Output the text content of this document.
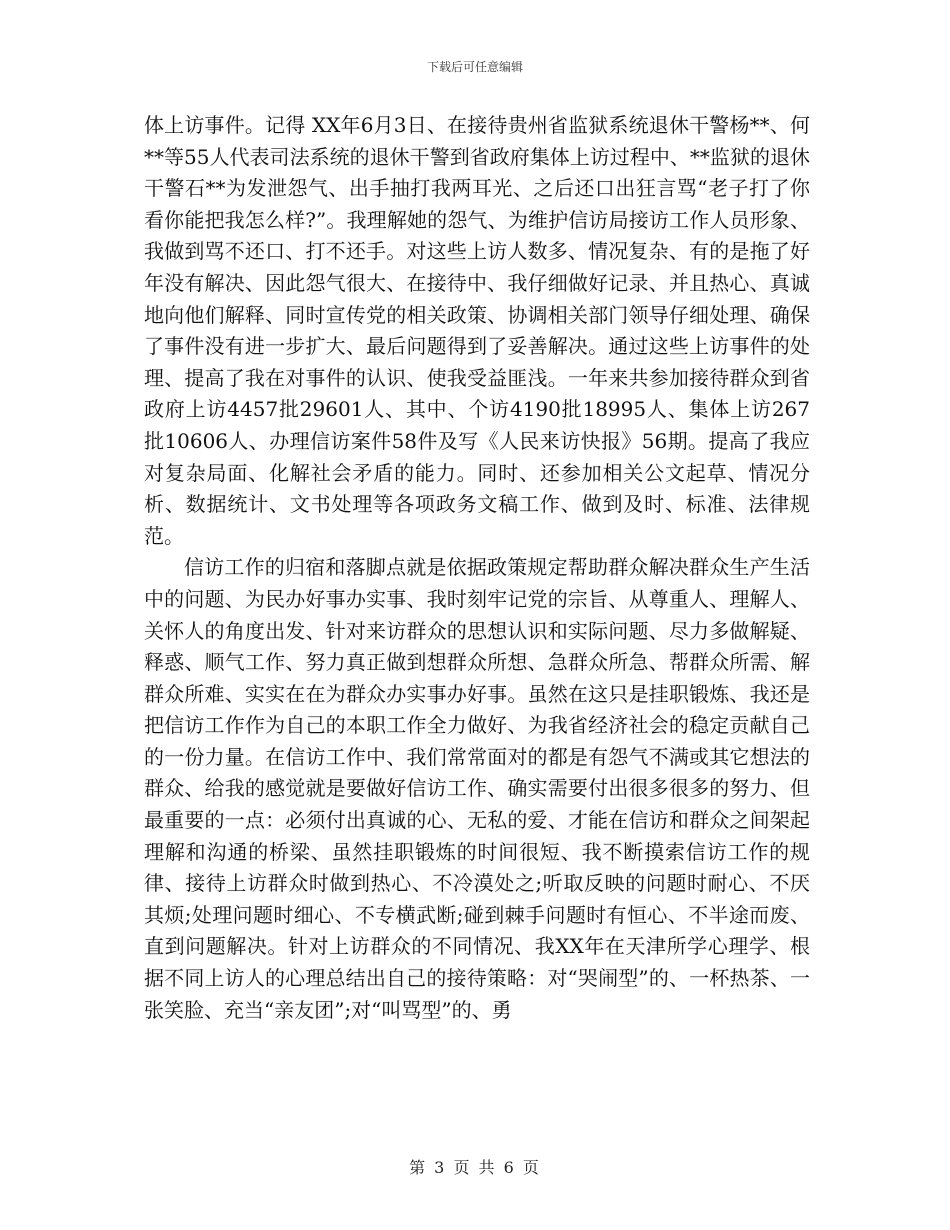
下载后可任意编辑

体上访事件。记得 XX年6月3日、在接待贵州省监狱系统退休干警杨**、何**等55人代表司法系统的退休干警到省政府集体上访过程中、**监狱的退休干警石**为发泄怨气、出手抽打我两耳光、之后还口出狂言骂“老子打了你看你能把我怎么样?”。我理解她的怨气、为维护信访局接访工作人员形象、我做到骂不还口、打不还手。对这些上访人数多、情况复杂、有的是拖了好年没有解决、因此怨气很大、在接待中、我仔细做好记录、并且热心、真诚地向他们解释、同时宣传党的相关政策、协调相关部门领导仔细处理、确保了事件没有进一步扩大、最后问题得到了妥善解决。通过这些上访事件的处理、提高了我在对事件的认识、使我受益匪浅。一年来共参加接待群众到省政府上访4457批29601人、其中、个访4190批18995人、集体上访267批10606人、办理信访案件58件及写《人民来访快报》56期。提高了我应对复杂局面、化解社会矛盾的能力。同时、还参加相关公文起草、情况分析、数据统计、文书处理等各项政务文稿工作、做到及时、标准、法律规范。

信访工作的归宿和落脚点就是依据政策规定帮助群众解决群众生产生活中的问题、为民办好事办实事、我时刻牢记党的宗旨、从尊重人、理解人、关怀人的角度出发、针对来访群众的思想认识和实际问题、尽力多做解疑、释惑、顺气工作、努力真正做到想群众所想、急群众所急、帮群众所需、解群众所难、实实在在为群众办实事办好事。虽然在这只是挂职锻炼、我还是把信访工作作为自己的本职工作全力做好、为我省经济社会的稳定贡献自己的一份力量。在信访工作中、我们常常面对的都是有怨气不满或其它想法的群众、给我的感觉就是要做好信访工作、确实需要付出很多很多的努力、但最重要的一点：必须付出真诚的心、无私的爱、才能在信访和群众之间架起理解和沟通的桥梁、虽然挂职锻炼的时间很短、我不断摸索信访工作的规律、接待上访群众时做到热心、不冷漠处之;听取反映的问题时耐心、不厌其烦;处理问题时细心、不专横武断;碰到棘手问题时有恒心、不半途而废、直到问题解决。针对上访群众的不同情况、我XX年在天津所学心理学、根据不同上访人的心理总结出自己的接待策略：对“哭闹型”的、一杯热茶、一张笑脸、充当“亲友团”;对“叫骂型”的、勇

第 3 页 共 6 页
